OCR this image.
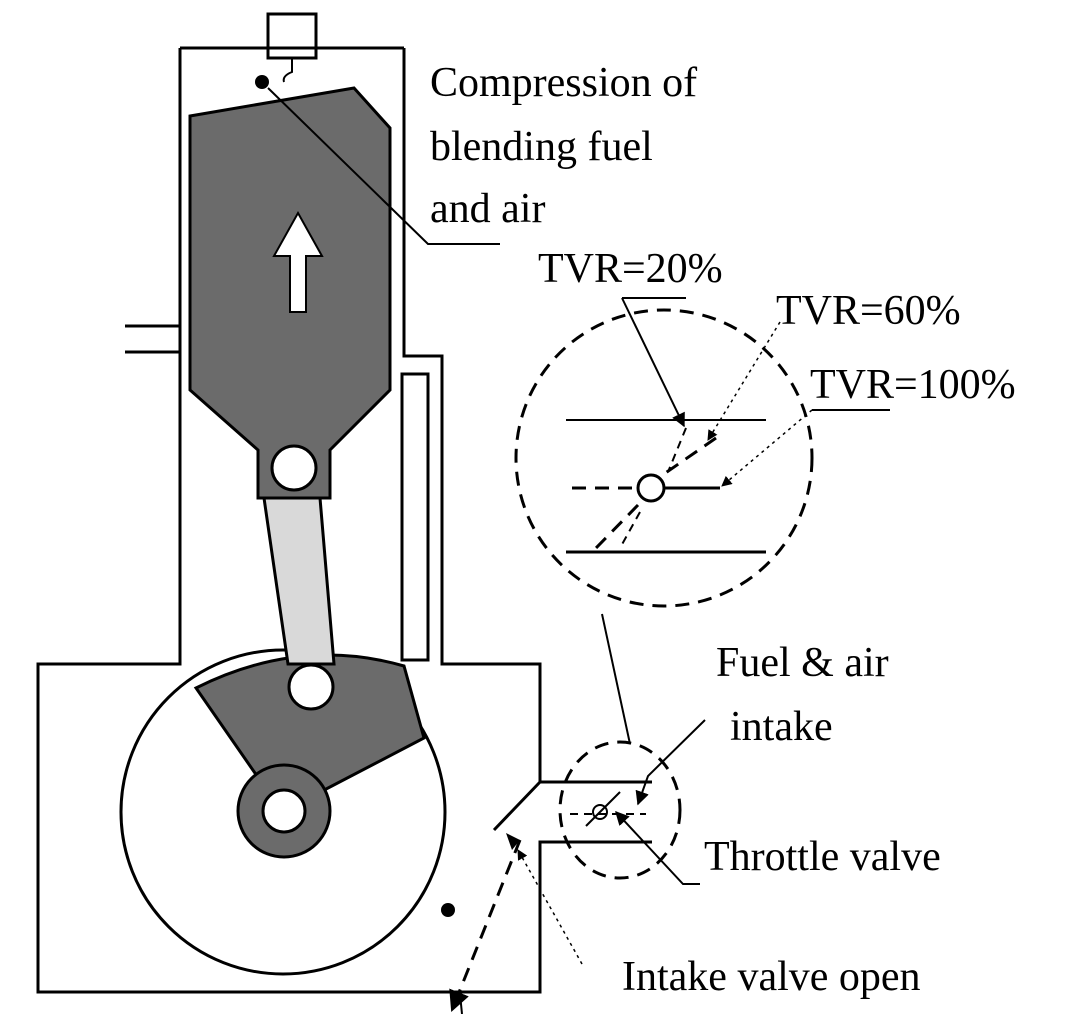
Compression of
blending fuel
and air
TVR=20%
TVR=60%
TVR=100%
Fuel & air
intake
Throttle valve
Intake valve open
